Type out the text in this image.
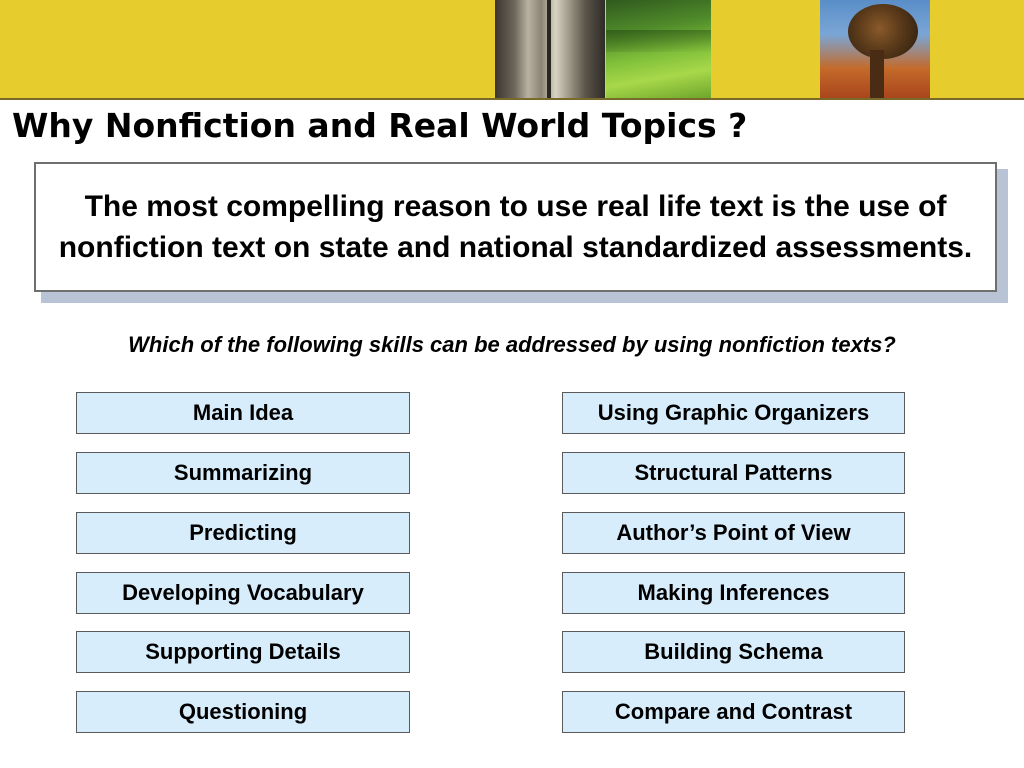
Why Nonfiction and Real World Topics ?
The most compelling reason to use real life text is the use of nonfiction text on state and national standardized assessments.
Which of the following skills can be addressed by using nonfiction texts?
Main Idea
Summarizing
Predicting
Developing Vocabulary
Supporting Details
Questioning
Using Graphic Organizers
Structural Patterns
Author’s Point of View
Making Inferences
Building Schema
Compare and Contrast
